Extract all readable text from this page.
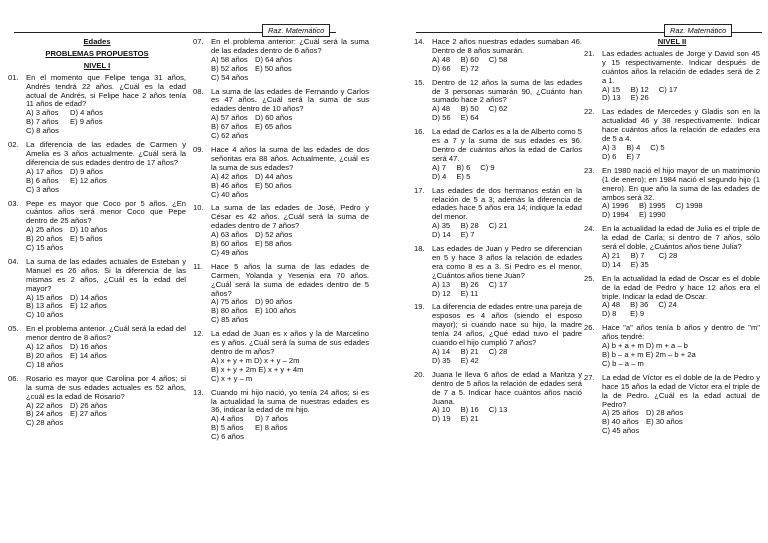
Raz. Matemático
Edades
PROBLEMAS PROPUESTOS
NIVEL I
01. En el momento que Felipe tenga 31 años, Andrés tendrá 22 años. ¿Cuál es la edad actual de Andrés, si Felipe hace 2 años tenía 11 años de edad?
A) 3 años	D) 4 años
B) 7 años	E) 9 años
C) 8 años
02. La diferencia de las edades de Carmen y Amelia es 3 años actualmente. ¿Cuál será la diferencia de sus edades dentro de 17 años?
A) 17 años D) 9 años
B) 6 años	E) 12 años
C) 3 años
03. Pepe es mayor que Coco por 5 años. ¿En cuántos años será menor Coco que Pepe dentro de 25 años?
A) 25 años D) 10 años
B) 20 años E) 5 años
C) 15 años
04. La suma de las edades actuales de Esteban y Manuel es 26 años. Si la diferencia de las mismas es 2 años, ¿Cuál es la edad del mayor?
A) 15 años D) 14 años
B) 13 años E) 12 años
C) 10 años
05. En el problema anterior. ¿Cuál será la edad del menor dentro de 8 años?
A) 12 años D) 16 años
B) 20 años E) 14 años
C) 18 años
06. Rosario es mayor que Carolina por 4 años; si la suma de sus edades actuales es 52 años, ¿cuál es la edad de Rosario?
A) 22 años D) 26 años
B) 24 años E) 27 años
C) 28 años
07. En el problema anterior: ¿Cuál será la suma de las edades dentro de 6 años?
A) 58 años D) 64 años
B) 52 años E) 50 años
C) 54 años
08. La suma de las edades de Fernando y Carlos es 47 años. ¿Cuál será la suma de sus edades dentro de 10 años?
A) 57 años D) 60 años
B) 67 años E) 65 años
C) 62 años
09. Hace 4 años la suma de las edades de dos señoritas era 88 años. Actualmente, ¿cuál es la suma de sus edades?
A) 42 años D) 44 años
B) 46 años E) 50 años
C) 40 años
10. La suma de las edades de José, Pedro y César es 42 años. ¿Cuál será la suma de edades dentro de 7 años?
A) 63 años D) 52 años
B) 60 años E) 58 años
C) 49 años
11.	Hace 5 años la suma de las edades de Carmen, Yolanda y Yesenia era 70 años. ¿Cuál será la suma de edades dentro de 5 años?
A) 75 años D) 90 años
B) 80 años E) 100 años
C) 85 años
12. La edad de Juan es x años y la de Marcelino es y años. ¿Cuál será la suma de sus edades dentro de m años?
A) x + y + m D) x + y – 2m
B) x + y + 2m E) x + y + 4m
C) x + y – m
13. Cuando mi hijo nació, yo tenía 24 años; si es la actualidad la suma de nuestras edades es 36, indicar la edad de mi hijo.
A) 4 años	D) 7 años
B) 5 años	E) 8 años
C) 6 años
Raz. Matemático
14. Hace 2 años nuestras edades sumaban 46. Dentro de 8 años sumarán.
A) 48 B) 60 C) 58
D) 66 E) 72
15. Dentro de 12 años la suma de las edades de 3 personas sumarán 90, ¿Cuánto han sumado hace 2 años?
A) 48 B) 50 C) 62
D) 56 E) 64
16. La edad de Carlos es a la de Alberto como 5 es a 7 y la suma de sus edades es 96. Dentro de cuántos años la edad de Carlos será 47.
A) 7 B) 6 C) 9
D) 4 E) 5
17. Las edades de dos hermanos están en la relación de 5 a 3; además la diferencia de edades hace 5 años era 14; indique la edad del menor.
A) 35 B) 28 C) 21
D) 14 E) 7
18. Las edades de Juan y Pedro se diferencian en 5 y hace 3 años la relación de edades era como 8 es a 3. Si Pedro es el menor, ¿Cuántos años tiene Juan?
A) 13 B) 26 C) 17
D) 12 E) 11
19. La diferencia de edades entre una pareja de esposos es 4 años (siendo el esposo mayor); si cuando nace su hijo, la madre tenía 24 años, ¿Qué edad tuvo el padre cuando el hijo cumplió 7 años?
A) 14 B) 21 C) 28
D) 35 E) 42
20. Juana le lleva 6 años de edad a Maritza y dentro de 5 años la relación de edades será de 7 a 5. Indicar hace cuántos años nació Juana.
A) 10 B) 16 C) 13
D) 19 E) 21
NIVEL II
21. Las edades actuales de Jorge y David son 45 y 15 respectivamente. Indicar después de cuántos años la relación de edades será de 2 a 1.
A) 15 B) 12 C) 17
D) 13 E) 26
22. Las edades de Mercedes y Gladis son en la actualidad 46 y 38 respectivamente. Indicar hace cuántos años la relación de edades era de 5 a 4.
A) 3 B) 4 C) 5
D) 6 E) 7
23. En 1980 nació el hijo mayor de un matrimonio (1 de enero); en 1984 nació el segundo hijo (1 enero). En que año la suma de las edades de ambos será 32.
A) 1996 B) 1995 C) 1998
D) 1994 E) 1990
24. En la actualidad la edad de Julia es el triple de la edad de Carla; si dentro de 7 años, sólo será el doble, ¿Cuántos años tiene Julia?
A) 21 B) 7	C) 28
D) 14 E) 35
25. En la actualidad la edad de Oscar es el doble de la edad de Pedro y hace 12 años era el triple. Indicar la edad de Oscar.
A) 48 B) 36 C) 24
D) 8	E) 9
26. Hace "a" años tenía b años y dentro de "m" años tendré:
A) b + a + m D) m + a – b
B) b – a + m E) 2m – b + 2a
C) b – a – m
27. La edad de Víctor es el doble de la de Pedro y hace 15 años la edad de Víctor era el triple de la de Pedro. ¿Cuál es la edad actual de Pedro?
A) 25 años D) 28 años
B) 40 años E) 30 años
C) 45 años
